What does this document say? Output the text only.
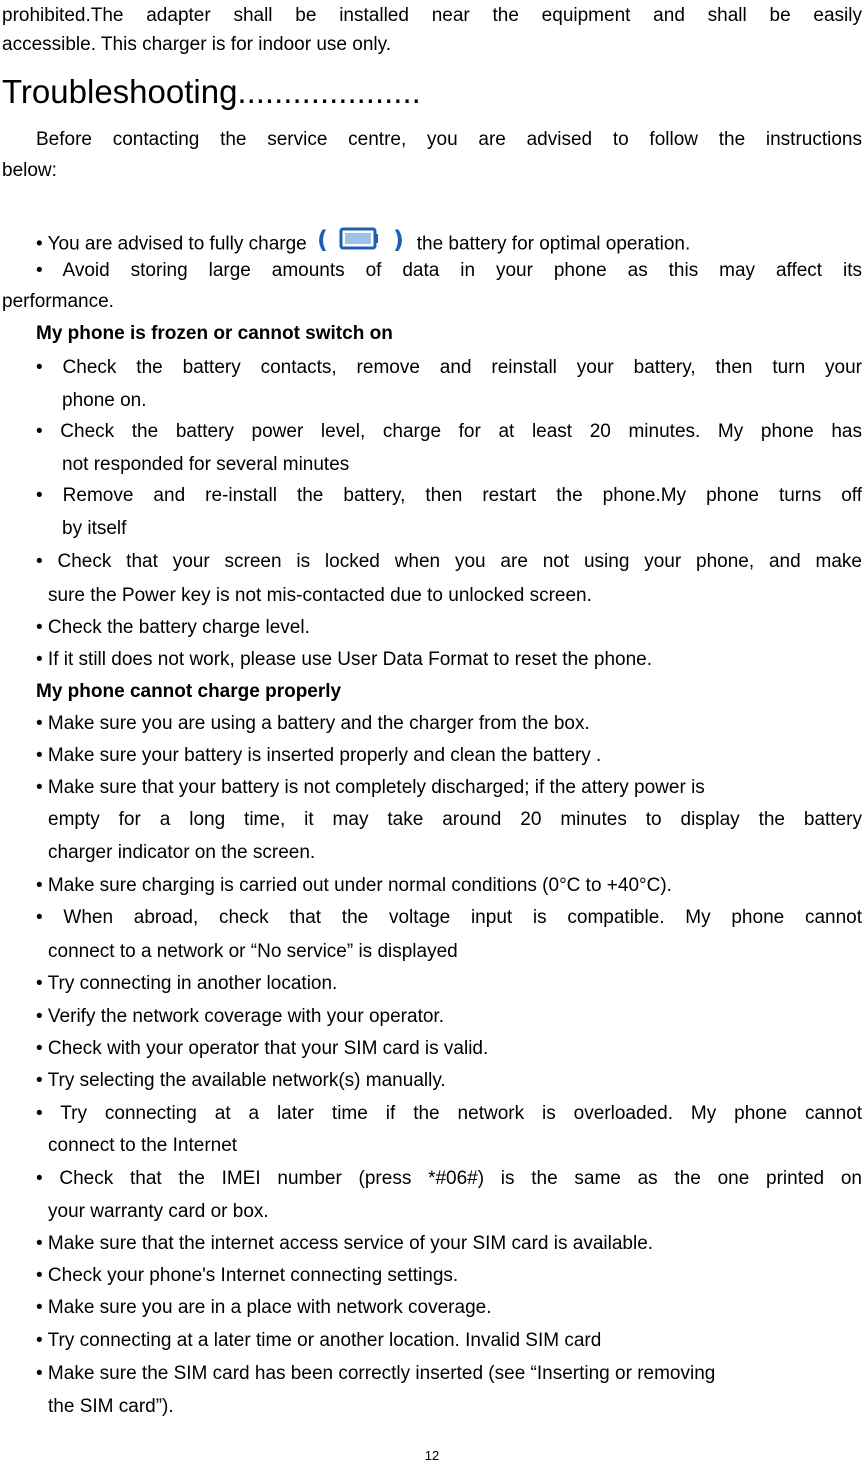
prohibited.The adapter shall be installed near the equipment and shall be easily
accessible. This charger is for indoor use only.
Troubleshooting....................
Before contacting the service centre, you are advised to follow the instructions
below:
• You are advised to fully charge (	) the battery for optimal operation.
• Avoid storing large amounts of data in your phone as this may affect its
performance.
My phone is frozen or cannot switch on
• Check the battery contacts, remove and reinstall your battery, then turn your
phone on.
• Check the battery power level, charge for at least 20 minutes. My phone has
not responded for several minutes
• Remove and re-install the battery, then restart the phone.My phone turns off
by itself
• Check that your screen is locked when you are not using your phone, and make
sure the Power key is not mis-contacted due to unlocked screen.
• Check the battery charge level.
• If it still does not work, please use User Data Format to reset the phone.
My phone cannot charge properly
• Make sure you are using a battery and the charger from the box.
• Make sure your battery is inserted properly and clean the battery .
• Make sure that your battery is not completely discharged; if the attery power is
empty for a long time, it may take around 20 minutes to display the battery
charger indicator on the screen.
• Make sure charging is carried out under normal conditions (0°C to +40°C).
• When abroad, check that the voltage input is compatible. My phone cannot
connect to a network or “No service” is displayed
• Try connecting in another location.
• Verify the network coverage with your operator.
• Check with your operator that your SIM card is valid.
• Try selecting the available network(s) manually.
• Try connecting at a later time if the network is overloaded. My phone cannot
connect to the Internet
• Check that the IMEI number (press *#06#) is the same as the one printed on
your warranty card or box.
• Make sure that the internet access service of your SIM card is available.
• Check your phone's Internet connecting settings.
• Make sure you are in a place with network coverage.
• Try connecting at a later time or another location. Invalid SIM card
• Make sure the SIM card has been correctly inserted (see “Inserting or removing
the SIM card”).
12
